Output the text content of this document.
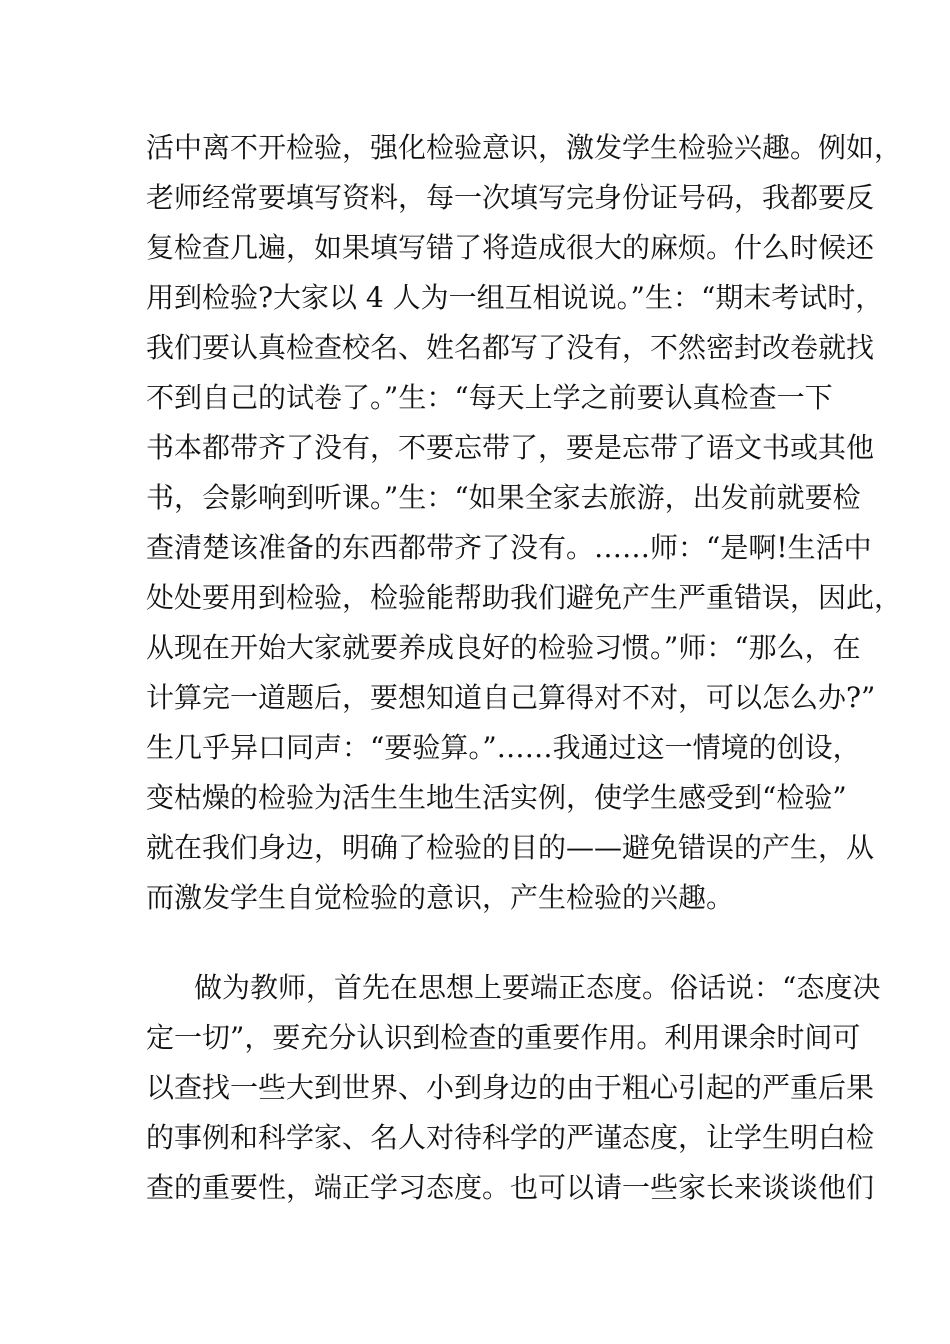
活中离不开检验，强化检验意识，激发学生检验兴趣。例如，
老师经常要填写资料，每一次填写完身份证号码，我都要反
复检查几遍，如果填写错了将造成很大的麻烦。什么时候还
用到检验?大家以 4 人为一组互相说说。”生：“期末考试时，
我们要认真检查校名、姓名都写了没有，不然密封改卷就找
不到自己的试卷了。”生：“每天上学之前要认真检查一下
书本都带齐了没有，不要忘带了，要是忘带了语文书或其他
书，会影响到听课。”生：“如果全家去旅游，出发前就要检
查清楚该准备的东西都带齐了没有。……师：“是啊!生活中
处处要用到检验，检验能帮助我们避免产生严重错误，因此，
从现在开始大家就要养成良好的检验习惯。”师：“那么，在
计算完一道题后，要想知道自己算得对不对，可以怎么办?”
生几乎异口同声：“要验算。”……我通过这一情境的创设，
变枯燥的检验为活生生地生活实例，使学生感受到“检验”
就在我们身边，明确了检验的目的——避免错误的产生，从
而激发学生自觉检验的意识，产生检验的兴趣。
做为教师，首先在思想上要端正态度。俗话说：“态度决
定一切”，要充分认识到检查的重要作用。利用课余时间可
以查找一些大到世界、小到身边的由于粗心引起的严重后果
的事例和科学家、名人对待科学的严谨态度，让学生明白检
查的重要性，端正学习态度。也可以请一些家长来谈谈他们
